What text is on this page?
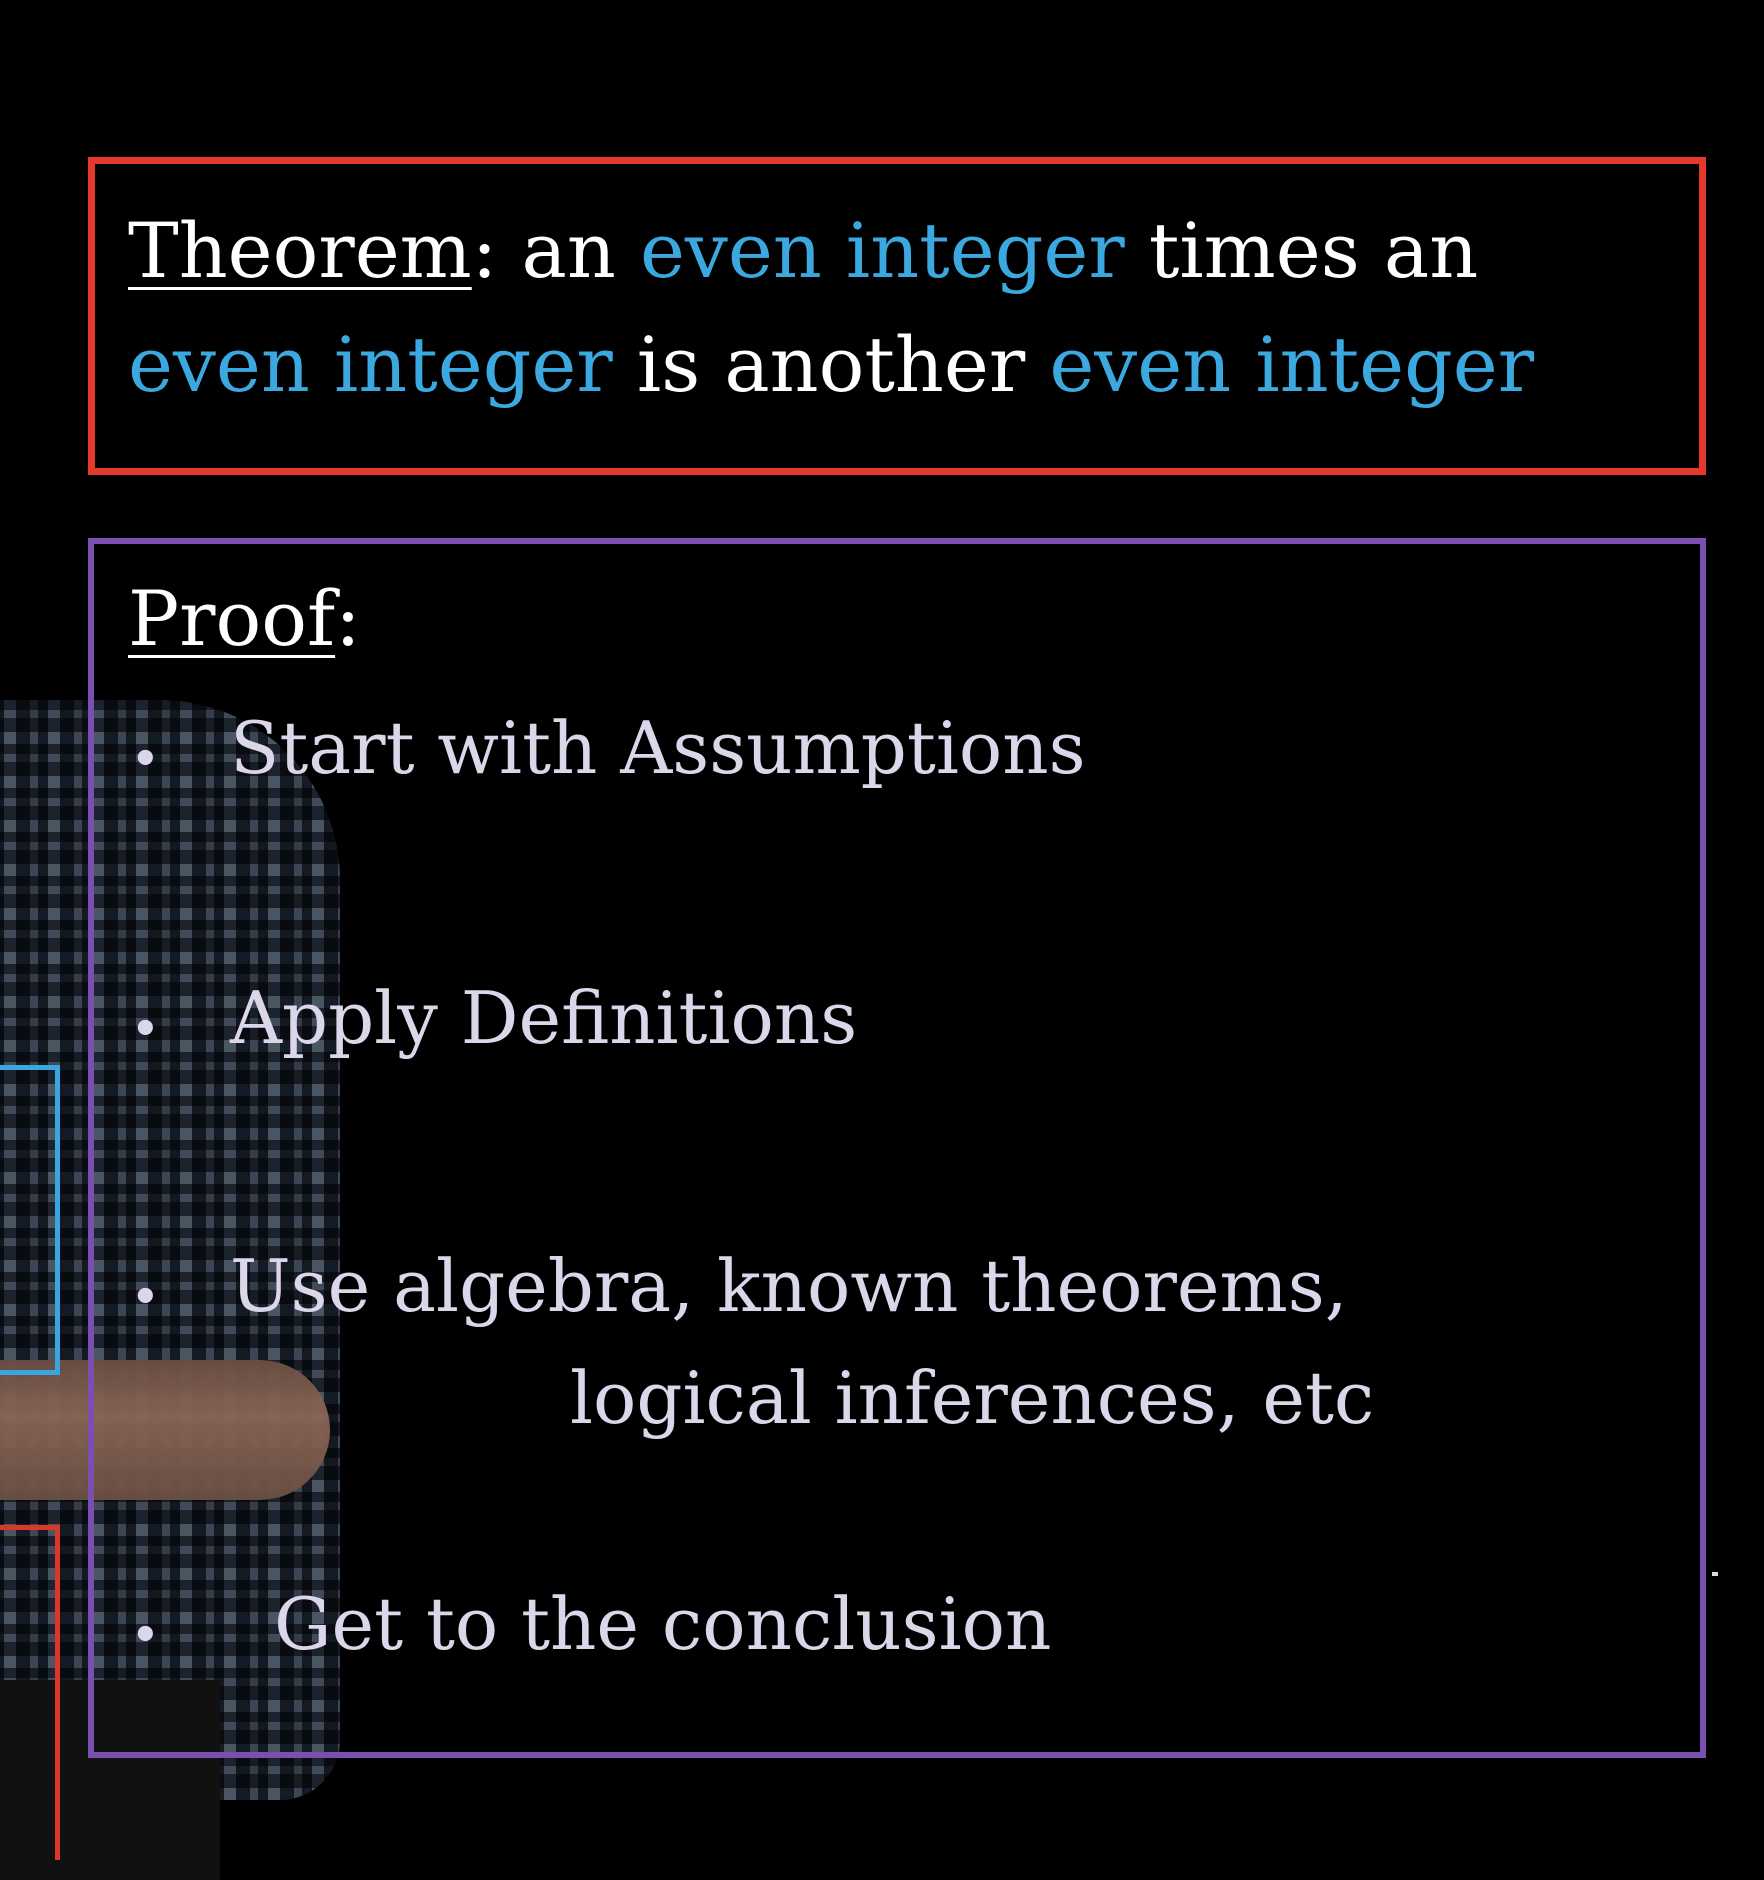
Theorem: an even integer times an
even integer is another even integer
Proof:
• Start with Assumptions
• Apply Definitions
• Use algebra, known theorems,
logical inferences, etc
• Get to the conclusion
